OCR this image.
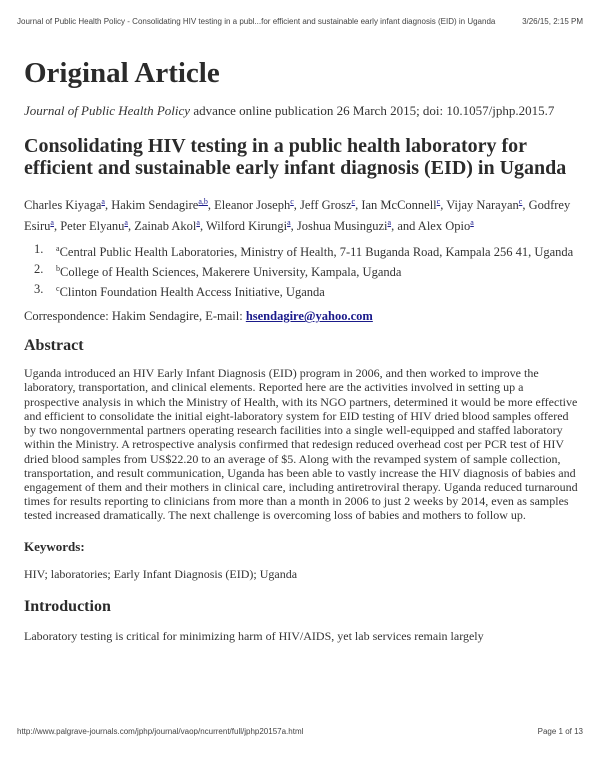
Journal of Public Health Policy - Consolidating HIV testing in a publ...for efficient and sustainable early infant diagnosis (EID) in Uganda	3/26/15, 2:15 PM
Original Article
Journal of Public Health Policy advance online publication 26 March 2015; doi: 10.1057/jphp.2015.7
Consolidating HIV testing in a public health laboratory for efficient and sustainable early infant diagnosis (EID) in Uganda
Charles Kiyaga$^a$, Hakim Sendagire$^{a,b}$, Eleanor Joseph$^c$, Jeff Grosz$^c$, Ian McConnell$^c$, Vijay Narayan$^c$, Godfrey Esiru$^a$, Peter Elyanu$^a$, Zainab Akol$^a$, Wilford Kirungi$^a$, Joshua Musinguzi$^a$, and Alex Opio$^a$
1. $^a$Central Public Health Laboratories, Ministry of Health, 7-11 Buganda Road, Kampala 256 41, Uganda
2. $^b$College of Health Sciences, Makerere University, Kampala, Uganda
3. $^c$Clinton Foundation Health Access Initiative, Uganda
Correspondence: Hakim Sendagire, E-mail: hsendagire@yahoo.com
Abstract

Uganda introduced an HIV Early Infant Diagnosis (EID) program in 2006, and then worked to improve the laboratory, transportation, and clinical elements. Reported here are the activities involved in setting up a prospective analysis in which the Ministry of Health, with its NGO partners, determined it would be more effective and efficient to consolidate the initial eight-laboratory system for EID testing of HIV dried blood samples offered by two nongovernmental partners operating research facilities into a single well-equipped and staffed laboratory within the Ministry. A retrospective analysis confirmed that redesign reduced overhead cost per PCR test of HIV dried blood samples from US$22.20 to an average of $5. Along with the revamped system of sample collection, transportation, and result communication, Uganda has been able to vastly increase the HIV diagnosis of babies and engagement of them and their mothers in clinical care, including antiretroviral therapy. Uganda reduced turnaround times for results reporting to clinicians from more than a month in 2006 to just 2 weeks by 2014, even as samples tested increased dramatically. The next challenge is overcoming loss of babies and mothers to follow up.

Keywords:

HIV; laboratories; Early Infant Diagnosis (EID); Uganda

Introduction

Laboratory testing is critical for minimizing harm of HIV/AIDS, yet lab services remain largely

http://www.palgrave-journals.com/jphp/journal/vaop/ncurrent/full/jphp20157a.html	Page 1 of 13
